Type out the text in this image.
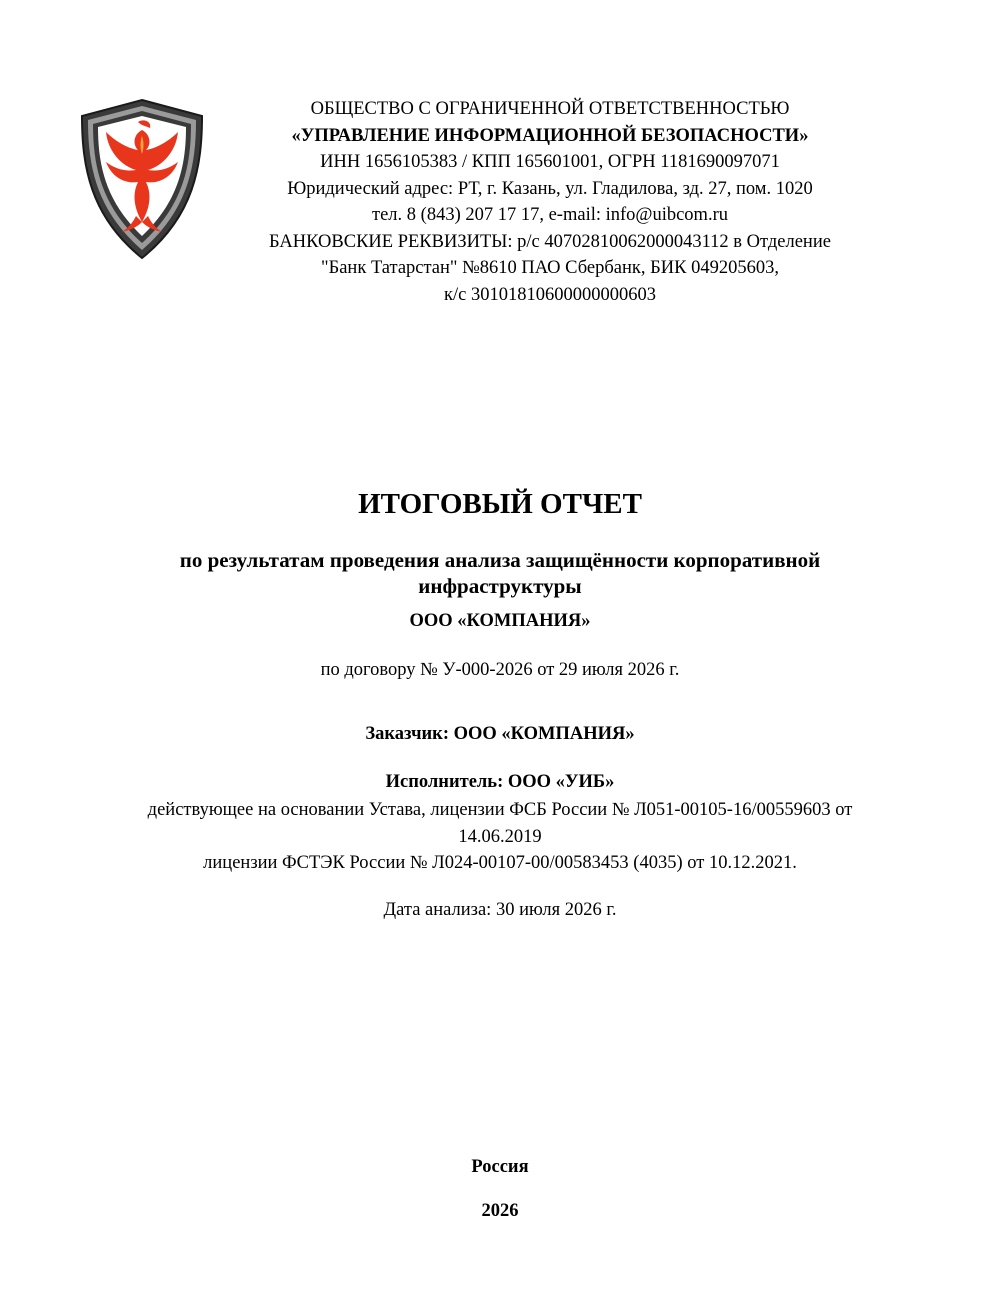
ОБЩЕСТВО С ОГРАНИЧЕННОЙ ОТВЕТСТВЕННОСТЬЮ
«УПРАВЛЕНИЕ ИНФОРМАЦИОННОЙ БЕЗОПАСНОСТИ»
ИНН 1656105383 / КПП 165601001, ОГРН 1181690097071
Юридический адрес: РТ, г. Казань, ул. Гладилова, зд. 27, пом. 1020
тел. 8 (843) 207 17 17, e-mail: info@uibcom.ru
БАНКОВСКИЕ РЕКВИЗИТЫ: р/с 40702810062000043112 в Отделение
"Банк Татарстан" №8610 ПАО Сбербанк, БИК 049205603,
к/с 30101810600000000603
ИТОГОВЫЙ ОТЧЕТ
по результатам проведения анализа защищённости корпоративной инфраструктуры
ООО «КОМПАНИЯ»
по договору № У-000-2026 от 29 июля 2026 г.
Заказчик: ООО «КОМПАНИЯ»
Исполнитель: ООО «УИБ»
действующее на основании Устава, лицензии ФСБ России № Л051-00105-16/00559603 от
14.06.2019
лицензии ФСТЭК России № Л024-00107-00/00583453 (4035) от 10.12.2021.
Дата анализа: 30 июля 2026 г.
Россия
2026
